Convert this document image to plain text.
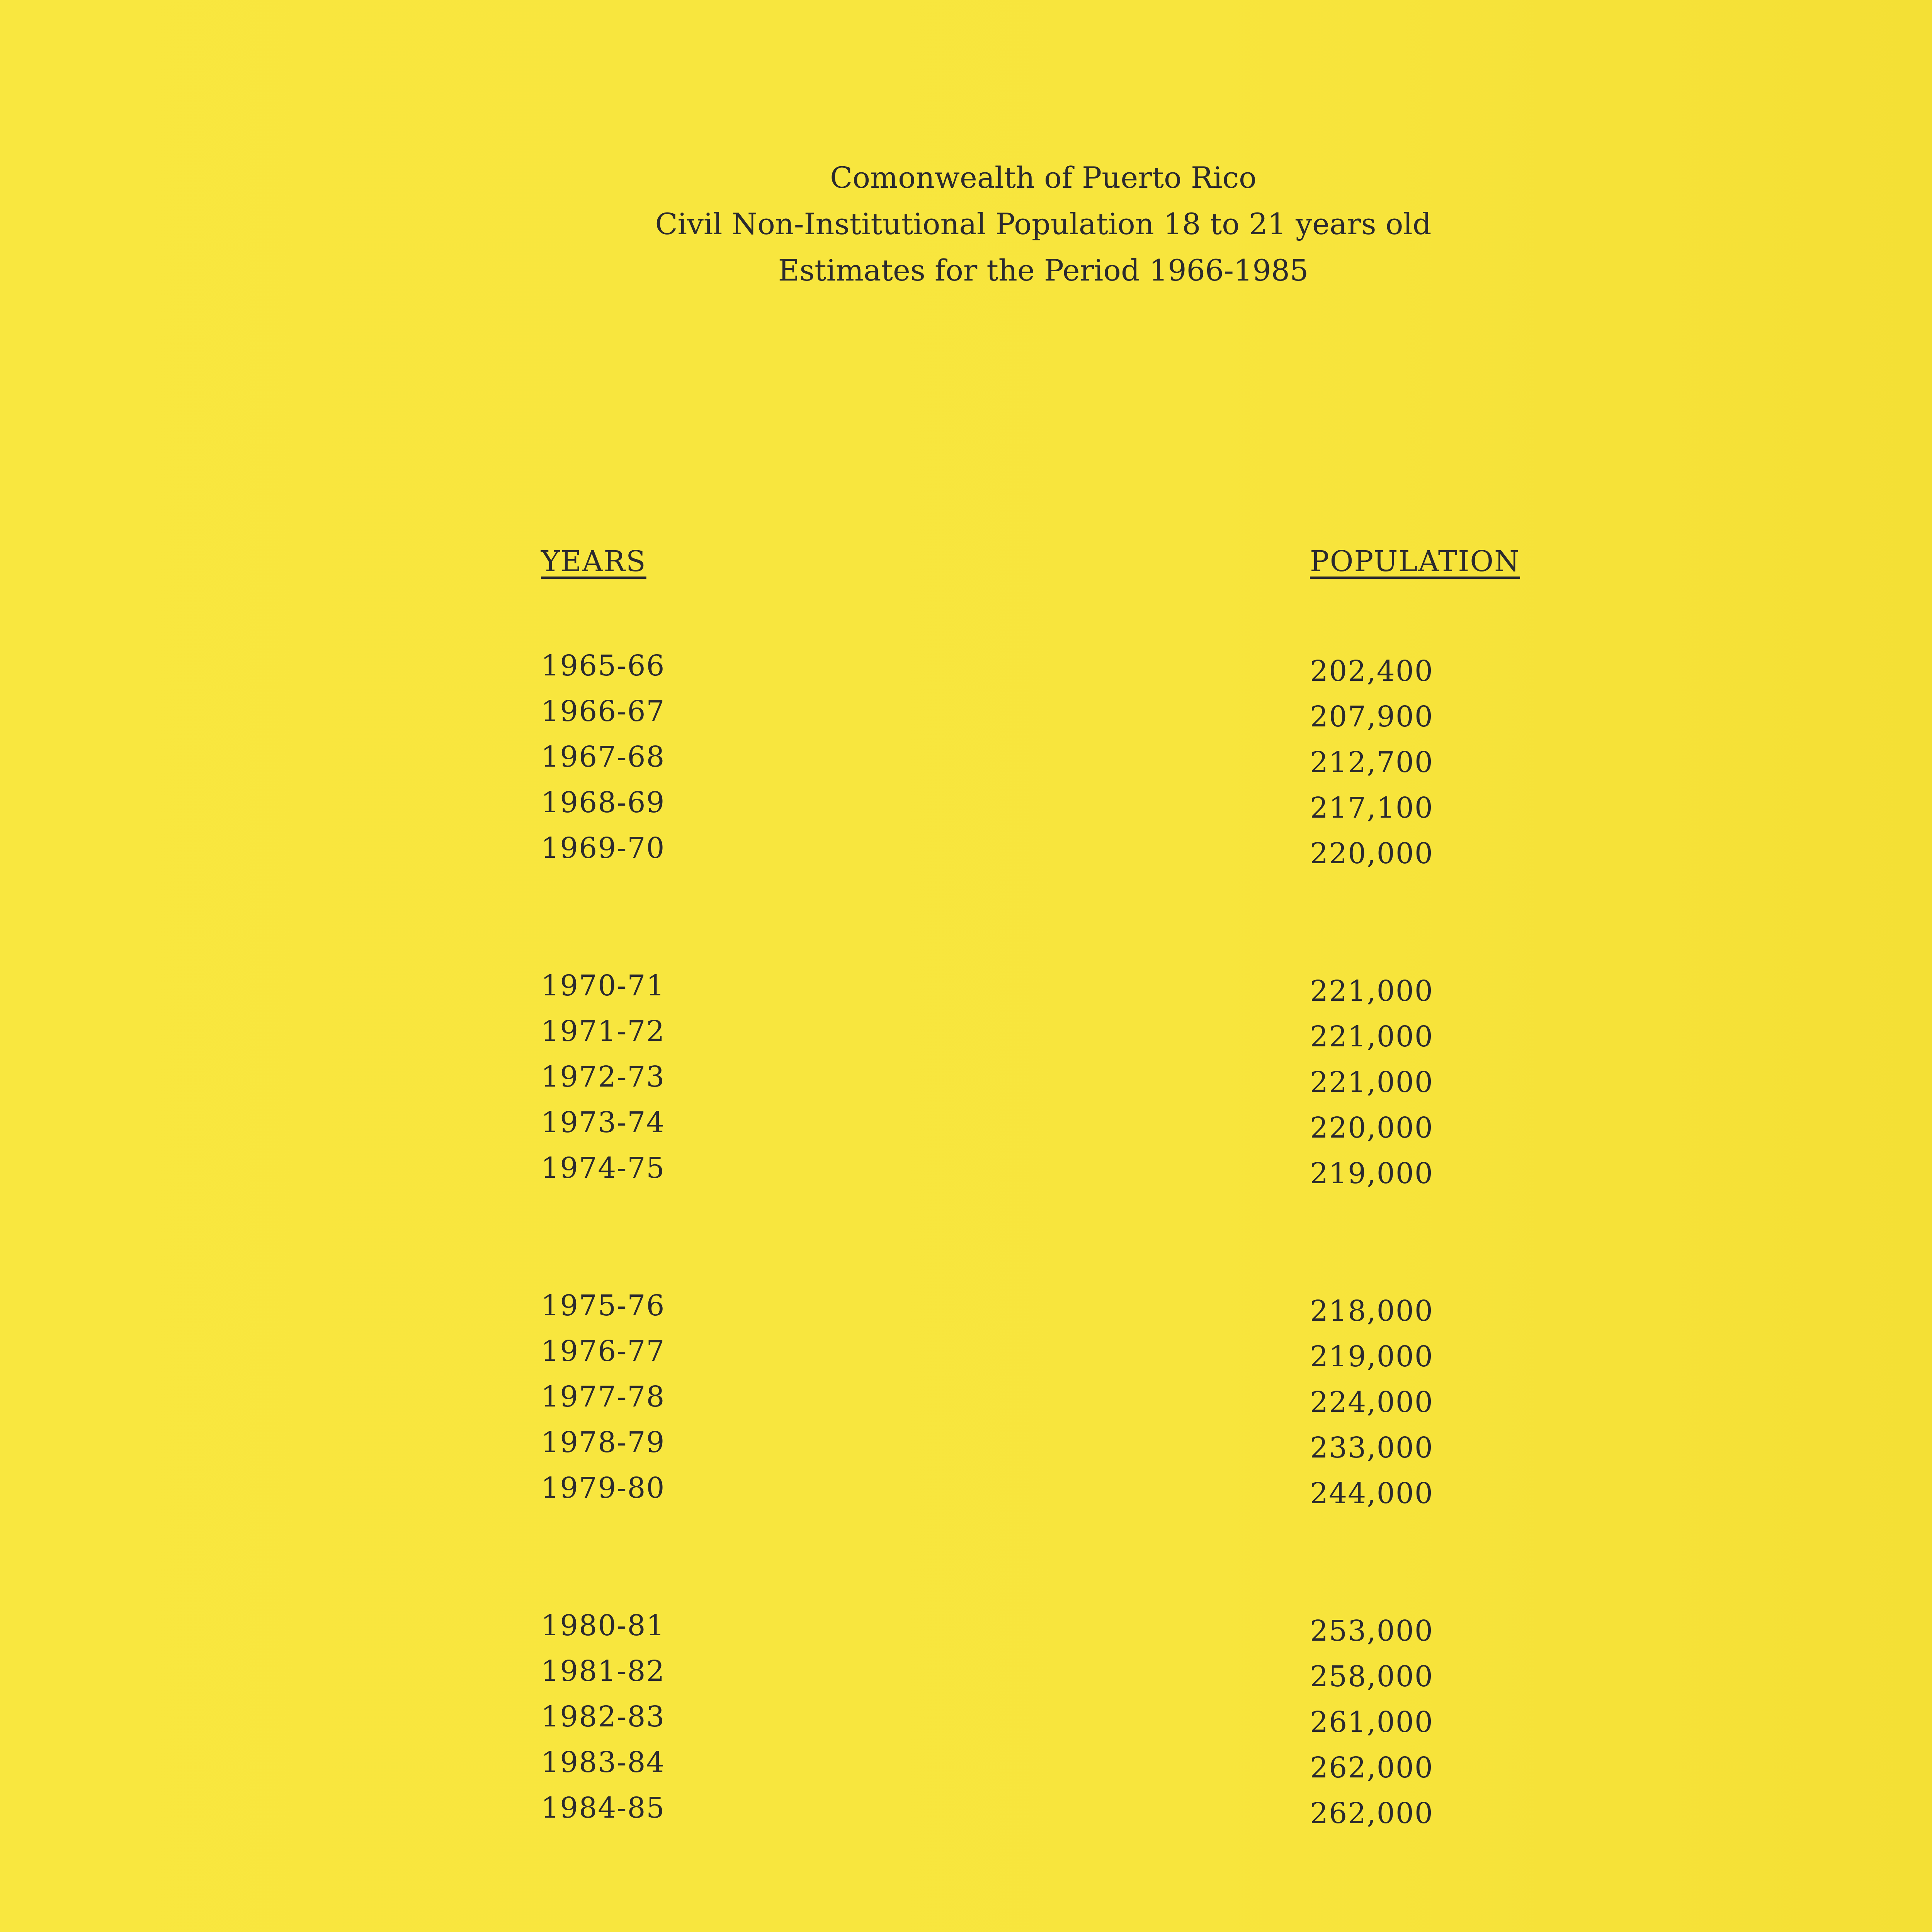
Comonwealth of Puerto Rico
Civil Non-Institutional Population 18 to 21 years old
Estimates for the Period 1966-1985
YEARS	POPULATION
1965-66	202,400
1966-67	207,900
1967-68	212,700
1968-69	217,100
1969-70	220,000
1970-71	221,000
1971-72	221,000
1972-73	221,000
1973-74	220,000
1974-75	219,000
1975-76	218,000
1976-77	219,000
1977-78	224,000
1978-79	233,000
1979-80	244,000
1980-81	253,000
1981-82	258,000
1982-83	261,000
1983-84	262,000
1984-85	262,000
